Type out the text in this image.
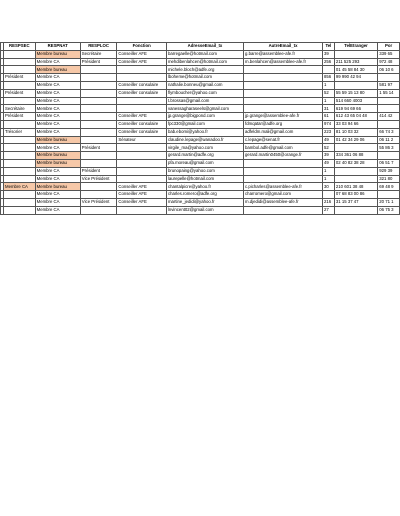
	RESPSEC	RESPNAT	RESPLOC	Fonction	AdresseEmail_tx	AutreEmail_tx	Tel	TelEtranger	Por
		Membre bureau	Secrétaire	Conseiller AFE	barregaelle@hotmail.com	g.barre@assemblee-afe.fr	39		339 65
		Membre CA	Président	Conseiller AFE	mehdibenlahcen@hotmail.com	m.benlahcen@assemblee-afe.fr	256	211 525 293	972 48
		Membre bureau			michele.bloch@adfe.org			01 45 58 84 30	06 10 6
	Président	Membre CA			lboheme@hotmail.com		856	99 990 42 94	
		Membre CA		Conseiller consulaire	nathalie.bonneu@gmail.com		1		581 97
	Président	Membre CA		Conseiller consulaire	flymboucher@yahoo.com		52	55 59 15 13 80	1 55 14
		Membre CA			t.brossas@gmail.com		1	514 660 4003	
	Secrétaire	Membre CA			vanessagharaseels@gmail.com		31	619 94 69 66	
	Président	Membre CA		Conseiller AFE	jp.grange@bigpond.com	jp.grange@assemblee-afe.fr	61	612 43 65 04 48	414 42
		Membre CA		Conseiller consulaire	fpc330@gmail.com	fdmqatar@adfe.org	974	33 03 94 66	
	Trésorier	Membre CA		Conseiller consulaire	bab.ebomi@yahoo.fr	adfeldm.mali@gmail.com	223	81 10 03 32	66 74 3
		Membre bureau		Sénateur	claudine.lepage@wanadoo.fr	c.lepage@senat.fr	49	01 42 34 29 06	06 11 2
		Membre CA	Président		virgile_ma@yahoo.com	bambol.adfe@gmail.com	52		55 86 3
		Membre bureau			gerard.martin@adfe.org	gerard.martin0450@orange.fr	39	334 361 06 88	
		Membre bureau			pfa.moreau@gmail.com		49	02 40 82 38 28	06 51 7
		Membre CA	Président		brunopaing@yahoo.com		1		929 39
		Membre CA	Vice Président		laurepelle@hotmail.com		1		321 80
	Membre CA	Membre bureau		Conseiller AFE	chantalpicre@yahoo.fr	c.picharles@assemblee-afe.fr	30	210 601 38 48	69 48 9
		Membre CA		Conseiller AFE	charles.romero@adfe.org	charromero@gmail.com		07 68 83 00 86	
		Membre CA	Vice Président	Conseiller AFE	martine_jedidi@yahoo.fr	m.djedidi@assemblee-afe.fr	216	31 15 37 47	20 71 1
		Membre CA			lnvincent02@gmail.com		27		06 75 3
